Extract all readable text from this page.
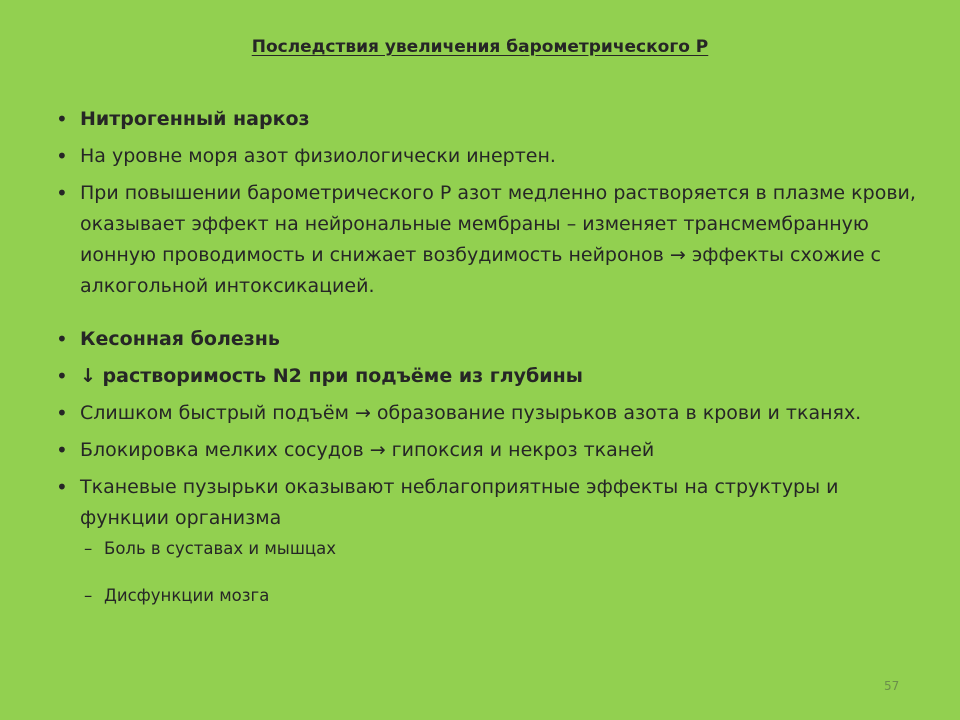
Последствия увеличения барометрического Р

• Нитрогенный наркоз

• На уровне моря азот физиологически инертен.

• При повышении барометрического Р азот медленно растворяется в плазме крови, оказывает эффект на нейрональные мембраны – изменяет трансмембранную ионную проводимость и снижает возбудимость нейронов → эффекты схожие с алкогольной интоксикацией.

• Кесонная болезнь

• ↓ растворимость N2 при подъёме из глубины

• Слишком быстрый подъём → образование пузырьков азота в крови и тканях.

• Блокировка мелких сосудов → гипоксия и некроз тканей

• Тканевые пузырьки оказывают неблагоприятные эффекты на структуры и функции организма

– Боль в суставах и мышцах

– Дисфункции мозга

57
